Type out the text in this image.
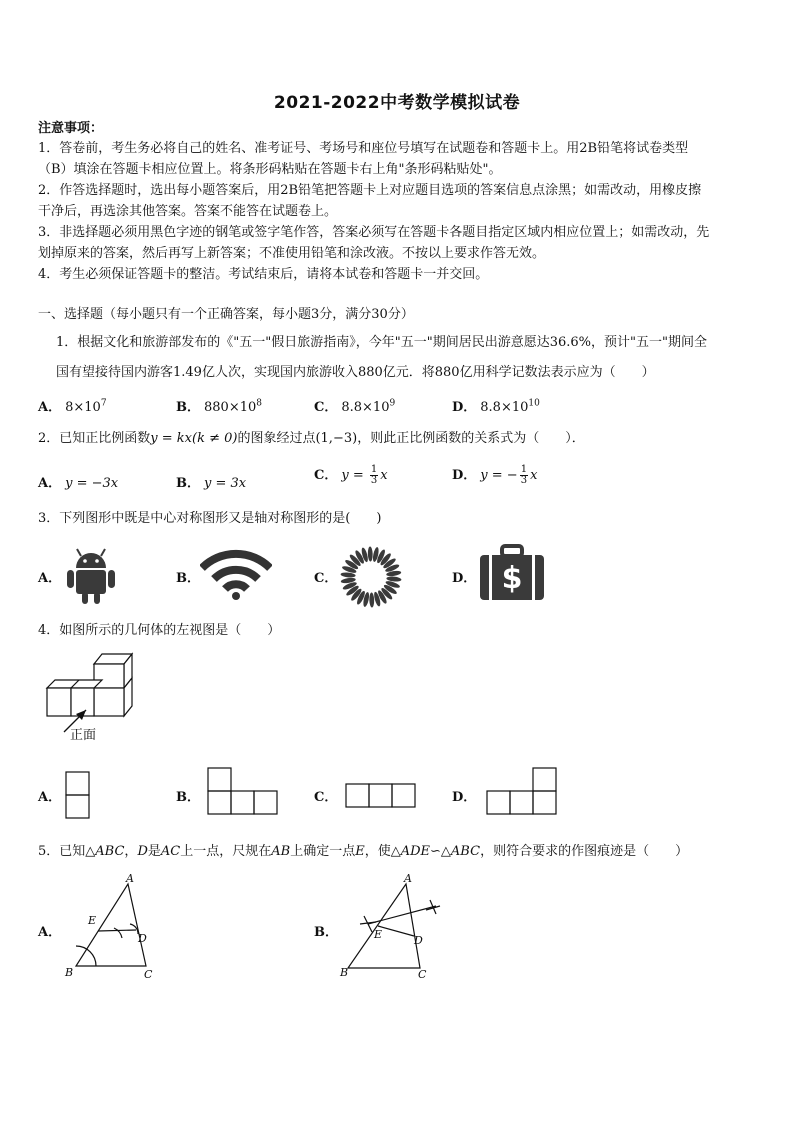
2021-2022中考数学模拟试卷
注意事项：
1．答卷前，考生务必将自己的姓名、准考证号、考场号和座位号填写在试题卷和答题卡上。用2B铅笔将试卷类型
（B）填涂在答题卡相应位置上。将条形码粘贴在答题卡右上角"条形码粘贴处"。
2．作答选择题时，选出每小题答案后，用2B铅笔把答题卡上对应题目选项的答案信息点涂黑；如需改动，用橡皮擦
干净后，再选涂其他答案。答案不能答在试题卷上。
3．非选择题必须用黑色字迹的钢笔或签字笔作答，答案必须写在答题卡各题目指定区域内相应位置上；如需改动，先
划掉原来的答案，然后再写上新答案；不准使用铅笔和涂改液。不按以上要求作答无效。
4．考生必须保证答题卡的整洁。考试结束后，请将本试卷和答题卡一并交回。
一、选择题（每小题只有一个正确答案，每小题3分，满分30分）
1．根据文化和旅游部发布的《"五一"假日旅游指南》，今年"五一"期间居民出游意愿达36.6%，预计"五一"期间全
国有望接待国内游客1.49亿人次，实现国内旅游收入880亿元．将880亿用科学记数法表示应为（　　）
A． $8\times 10^7$	B． $880\times 10^8$	C． $8.8\times 10^9$	D． $8.8\times 10^{10}$
2．已知正比例函数y = kx(k ≠ 0)的图象经过点(1,−3)，则此正比例函数的关系式为（　　）．
A． y = −3x	B． y = 3x
C． $y = \frac{1}{3}$ x	D． y = − $\frac{1}{3}$ x
3．下列图形中既是中心对称图形又是轴对称图形的是(　　)
A．	B．	C．	D． $
4．如图所示的几何体的左视图是（　　）
正面
A．	B．	C．	D．
5．已知△ABC，D是AC上一点，尺规在AB上确定一点E，使△ADE∽△ABC，则符合要求的作图痕迹是（　　）
A．
A
B	C
D
E
B．
A
B	C
D
E
